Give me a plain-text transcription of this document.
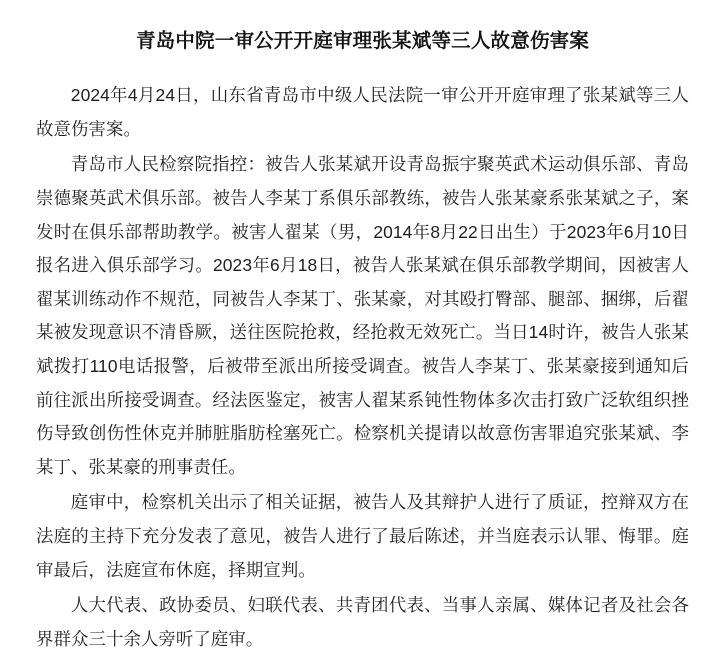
青岛中院一审公开开庭审理张某斌等三人故意伤害案

2024年4月24日，山东省青岛市中级人民法院一审公开开庭审理了张某斌等三人故意伤害案。

青岛市人民检察院指控：被告人张某斌开设青岛振宇聚英武术运动俱乐部、青岛崇德聚英武术俱乐部。被告人李某丁系俱乐部教练，被告人张某豪系张某斌之子，案发时在俱乐部帮助教学。被害人翟某（男，2014年8月22日出生）于2023年6月10日报名进入俱乐部学习。2023年6月18日，被告人张某斌在俱乐部教学期间，因被害人翟某训练动作不规范，同被告人李某丁、张某豪，对其殴打臀部、腿部、捆绑，后翟某被发现意识不清昏厥，送往医院抢救，经抢救无效死亡。当日14时许，被告人张某斌拨打110电话报警，后被带至派出所接受调查。被告人李某丁、张某豪接到通知后前往派出所接受调查。经法医鉴定，被害人翟某系钝性物体多次击打致广泛软组织挫伤导致创伤性休克并肺脏脂肪栓塞死亡。检察机关提请以故意伤害罪追究张某斌、李某丁、张某豪的刑事责任。

庭审中，检察机关出示了相关证据，被告人及其辩护人进行了质证，控辩双方在法庭的主持下充分发表了意见，被告人进行了最后陈述，并当庭表示认罪、悔罪。庭审最后，法庭宣布休庭，择期宣判。

人大代表、政协委员、妇联代表、共青团代表、当事人亲属、媒体记者及社会各界群众三十余人旁听了庭审。
